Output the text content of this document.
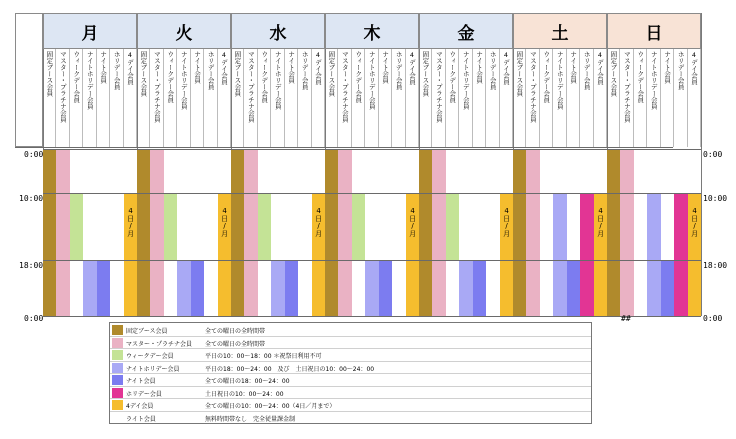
月
固定ブース会員 マスター・プラチナ会員 ウィークデー会員 ナイトホリデー会員 ナイト会員 ホリデー会員 4デイ会員
4日/月
火
固定ブース会員 マスター・プラチナ会員 ウィークデー会員 ナイトホリデー会員 ナイト会員 ホリデー会員 4デイ会員
4日/月
水
固定ブース会員 マスター・プラチナ会員 ウィークデー会員 ナイトホリデー会員 ナイト会員 ホリデー会員 4デイ会員
4日/月
木
固定ブース会員 マスター・プラチナ会員 ウィークデー会員 ナイトホリデー会員 ナイト会員 ホリデー会員 4デイ会員
4日/月
金
固定ブース会員 マスター・プラチナ会員 ウィークデー会員 ナイトホリデー会員 ナイト会員 ホリデー会員 4デイ会員
4日/月
土
固定ブース会員 マスター・プラチナ会員 ウィークデー会員 ナイトホリデー会員 ナイト会員 ホリデー会員 4デイ会員
4日/月
日
固定ブース会員 マスター・プラチナ会員 ウィークデー会員 ナイトホリデー会員 ナイト会員 ホリデー会員 4デイ会員
4日/月
0:00
10:00
18:00
0:00
0:00
10:00
18:00
0:00
##
固定ブース会員	全ての曜日の全時間帯
マスター・プラチナ会員 全ての曜日の全時間帯
ウィークデー会員	平日の10：00～18：00 ＊祝祭日利用不可
ナイトホリデー会員	平日の18：00～24：00　及び　土日祝日の10：00～24：00
ナイト会員	全ての曜日の18：00～24：00
ホリデー会員	土日祝日の10：00～24：00
4デイ会員	全ての曜日の10：00～24：00（4日／月まで）
ライト会員	無料時間帯なし　完全従量課金制
